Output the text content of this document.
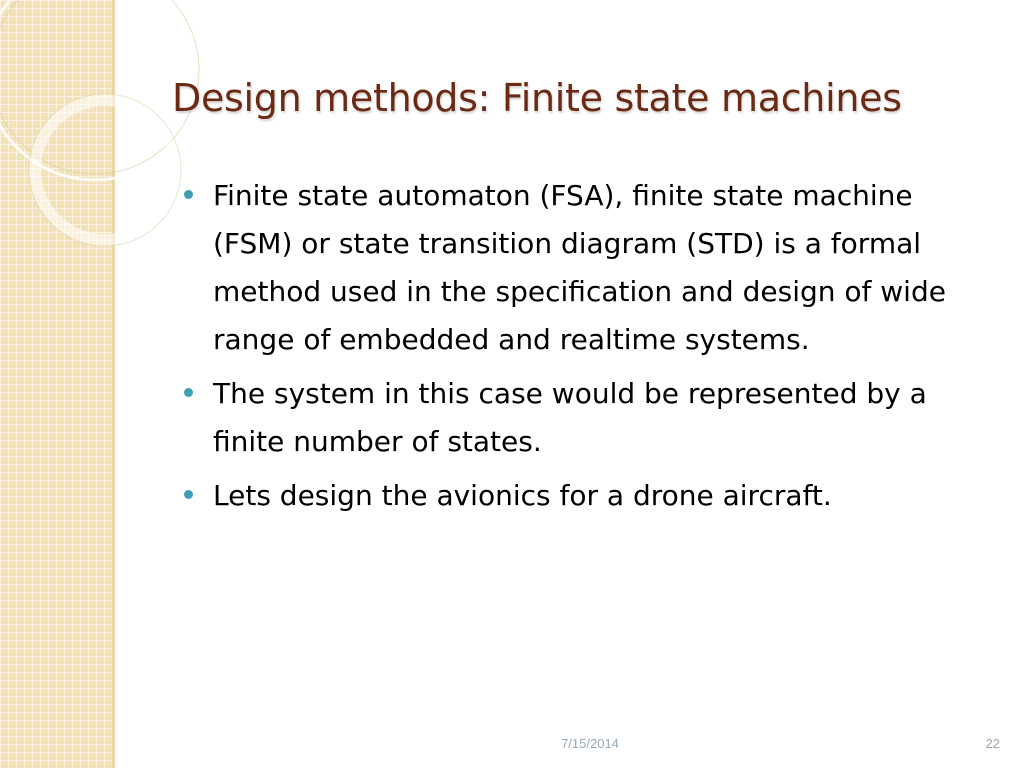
Design methods: Finite state machines
Finite state automaton (FSA), finite state machine (FSM) or state transition diagram (STD) is a formal method used in the specification and design of wide range of embedded and realtime systems.
The system in this case would be represented by a finite number of states.
Lets design the avionics for a drone aircraft.
7/15/2014	22
